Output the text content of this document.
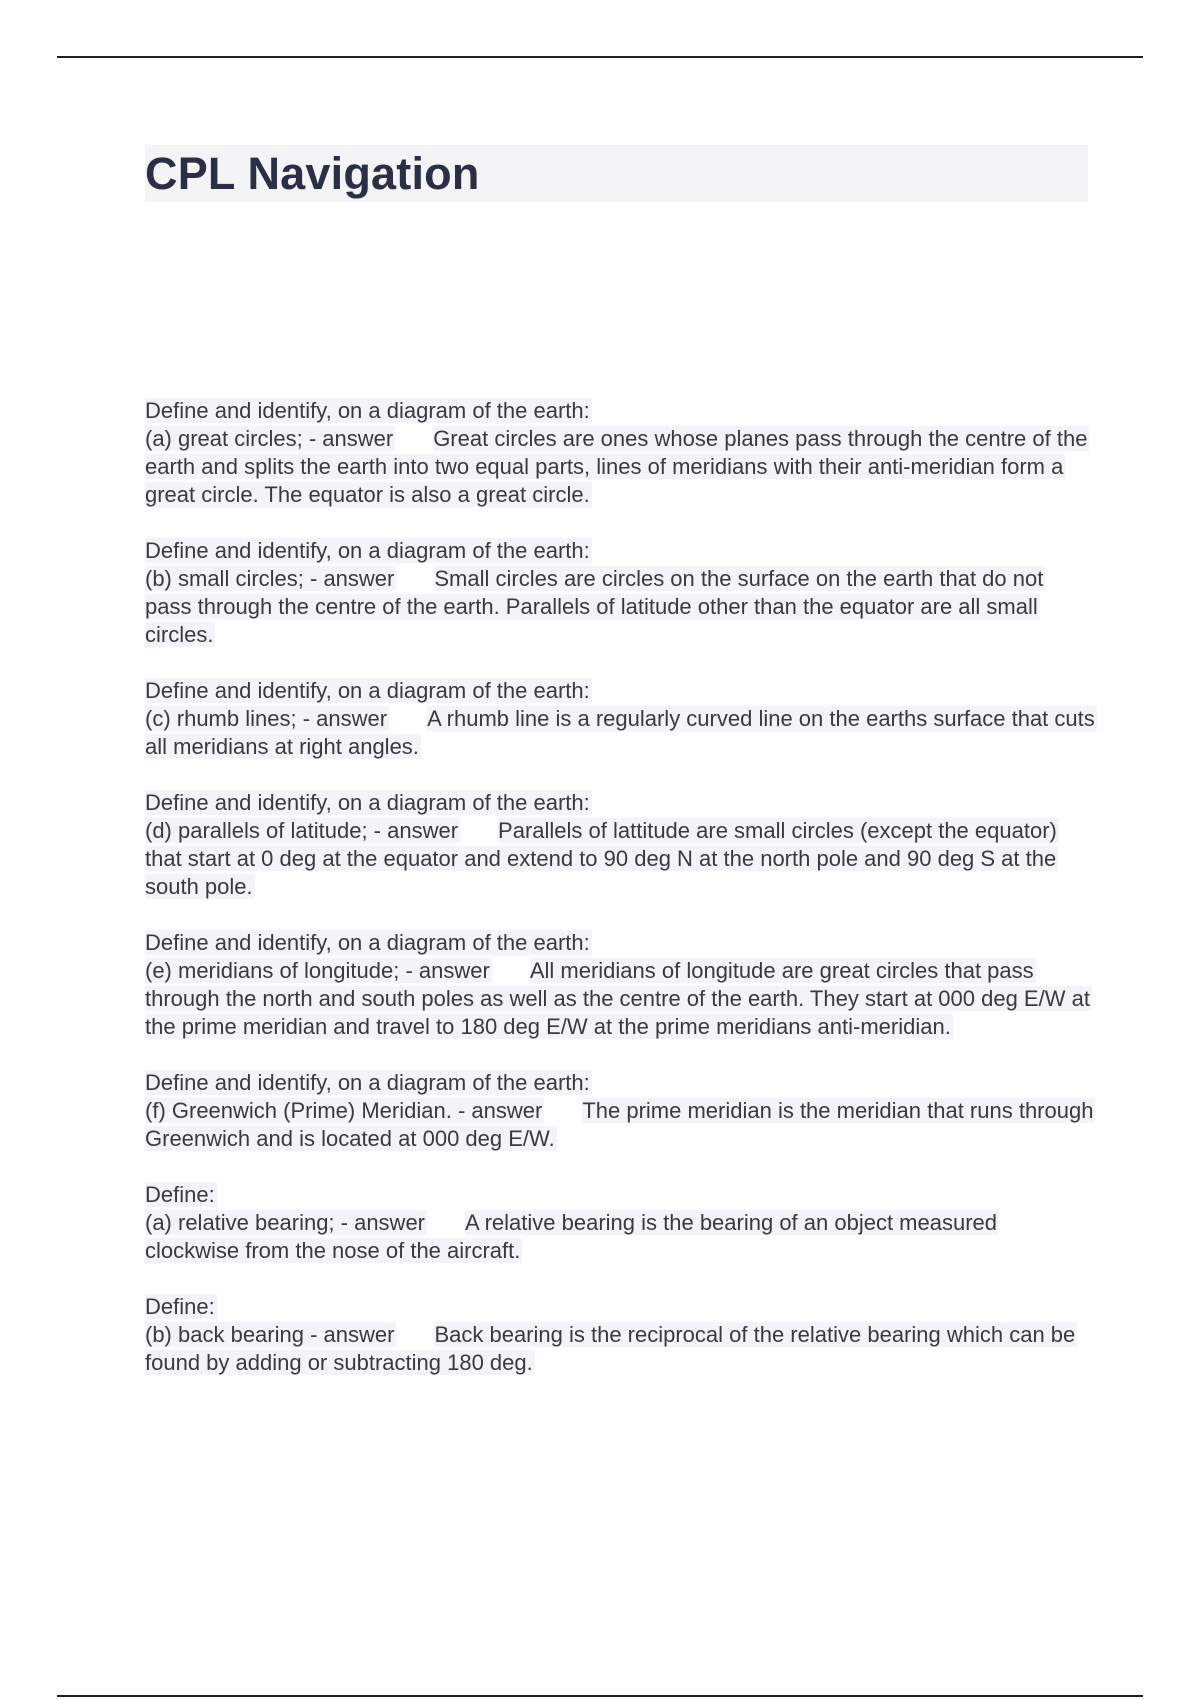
CPL Navigation
Define and identify, on a diagram of the earth:
(a) great circles; - answer Great circles are ones whose planes pass through the centre of the earth and splits the earth into two equal parts, lines of meridians with their anti-meridian form a great circle. The equator is also a great circle.
Define and identify, on a diagram of the earth:
(b) small circles; - answer Small circles are circles on the surface on the earth that do not pass through the centre of the earth. Parallels of latitude other than the equator are all small circles.
Define and identify, on a diagram of the earth:
(c) rhumb lines; - answer A rhumb line is a regularly curved line on the earths surface that cuts all meridians at right angles.
Define and identify, on a diagram of the earth:
(d) parallels of latitude; - answer Parallels of lattitude are small circles (except the equator) that start at 0 deg at the equator and extend to 90 deg N at the north pole and 90 deg S at the south pole.
Define and identify, on a diagram of the earth:
(e) meridians of longitude; - answer All meridians of longitude are great circles that pass through the north and south poles as well as the centre of the earth. They start at 000 deg E/W at the prime meridian and travel to 180 deg E/W at the prime meridians anti-meridian.
Define and identify, on a diagram of the earth:
(f) Greenwich (Prime) Meridian. - answer The prime meridian is the meridian that runs through Greenwich and is located at 000 deg E/W.
Define:
(a) relative bearing; - answer A relative bearing is the bearing of an object measured clockwise from the nose of the aircraft.
Define:
(b) back bearing - answer Back bearing is the reciprocal of the relative bearing which can be found by adding or subtracting 180 deg.
